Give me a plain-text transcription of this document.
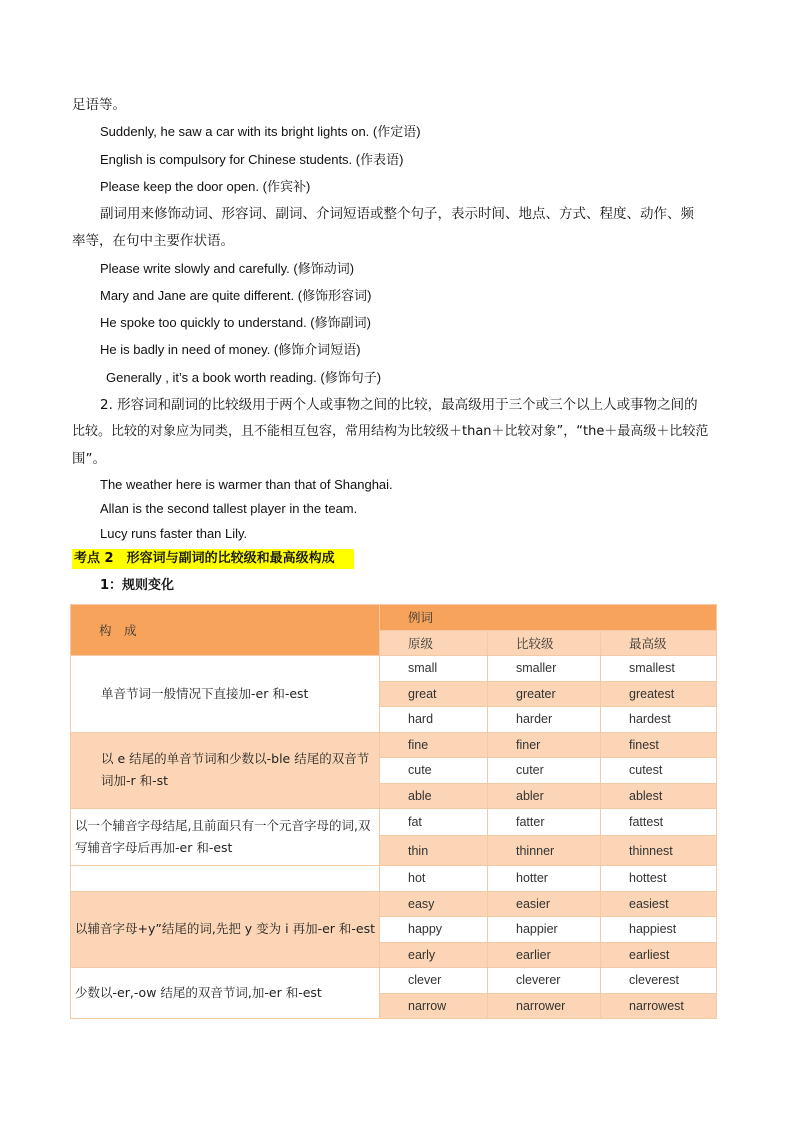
足语等。
Suddenly, he saw a car with its bright lights on. (作定语)
English is compulsory for Chinese students. (作表语)
Please keep the door open. (作宾补)
副词用来修饰动词、形容词、副词、介词短语或整个句子，表示时间、地点、方式、程度、动作、频
率等，在句中主要作状语。
Please write slowly and carefully. (修饰动词)
Mary and Jane are quite different. (修饰形容词)
He spoke too quickly to understand. (修饰副词)
He is badly in need of money. (修饰介词短语)
Generally , it’s a book worth reading. (修饰句子)
2. 形容词和副词的比较级用于两个人或事物之间的比较，最高级用于三个或三个以上人或事物之间的
比较。比较的对象应为同类，且不能相互包容，常用结构为比较级＋than＋比较对象”，“the＋最高级＋比较范
围”。
The weather here is warmer than that of Shanghai.
Allan is the second tallest player in the team.
Lucy runs faster than Lily.
考点 2　形容词与副词的比较级和最高级构成
1：规则变化
构　成	例词		
	原级	比较级	最高级
单音节词一般情况下直接加-er 和-est	small	smaller	smallest
	great	greater	greatest
	hard	harder	hardest
以 e 结尾的单音节词和少数以-ble 结尾的双音节词加-r 和-st	fine	finer	finest
	cute	cuter	cutest
	able	abler	ablest
以一个辅音字母结尾,且前面只有一个元音字母的词,双写辅音字母后再加-er 和-est	fat	fatter	fattest
	thin	thinner	thinnest
	hot	hotter	hottest
以辅音字母+y”结尾的词,先把 y 变为 i 再加-er 和-est	easy	easier	easiest
	happy	happier	happiest
	early	earlier	earliest
少数以-er,-ow 结尾的双音节词,加-er 和-est	clever	cleverer	cleverest
	narrow	narrower	narrowest
